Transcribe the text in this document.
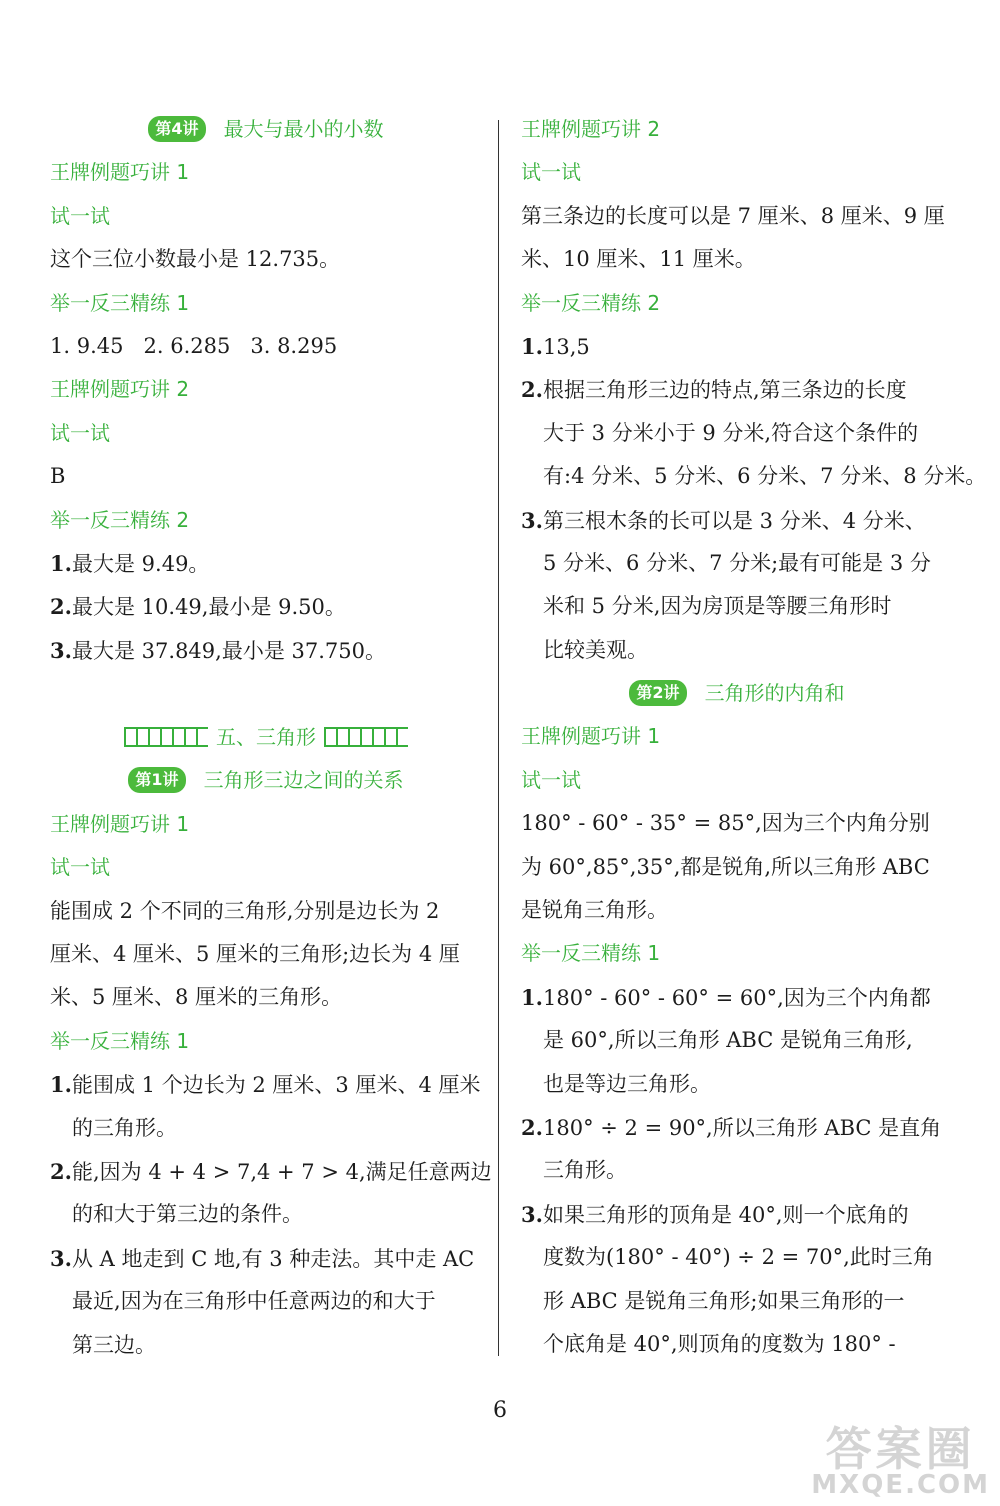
第4讲 最大与最小的小数
王牌例题巧讲 1
试一试
这个三位小数最小是 12.735。
举一反三精练 1
1. 9.45   2. 6.285   3. 8.295
王牌例题巧讲 2
试一试
B
举一反三精练 2
1.最大是 9.49。
2.最大是 10.49,最小是 9.50。
3.最大是 37.849,最小是 37.750。
五、三角形
第1讲 三角形三边之间的关系
王牌例题巧讲 1
试一试
能围成 2 个不同的三角形,分别是边长为 2
厘米、4 厘米、5 厘米的三角形;边长为 4 厘
米、5 厘米、8 厘米的三角形。
举一反三精练 1
1.能围成 1 个边长为 2 厘米、3 厘米、4 厘米
的三角形。
2.能,因为 4 + 4 > 7,4 + 7 > 4,满足任意两边
的和大于第三边的条件。
3.从 A 地走到 C 地,有 3 种走法。其中走 AC
最近,因为在三角形中任意两边的和大于
第三边。
王牌例题巧讲 2
试一试
第三条边的长度可以是 7 厘米、8 厘米、9 厘
米、10 厘米、11 厘米。
举一反三精练 2
1.13,5
2.根据三角形三边的特点,第三条边的长度
大于 3 分米小于 9 分米,符合这个条件的
有:4 分米、5 分米、6 分米、7 分米、8 分米。
3.第三根木条的长可以是 3 分米、4 分米、
5 分米、6 分米、7 分米;最有可能是 3 分
米和 5 分米,因为房顶是等腰三角形时
比较美观。
第2讲 三角形的内角和
王牌例题巧讲 1
试一试
180° - 60° - 35° = 85°,因为三个内角分别
为 60°,85°,35°,都是锐角,所以三角形 ABC
是锐角三角形。
举一反三精练 1
1.180° - 60° - 60° = 60°,因为三个内角都
是 60°,所以三角形 ABC 是锐角三角形,
也是等边三角形。
2.180° ÷ 2 = 90°,所以三角形 ABC 是直角
三角形。
3.如果三角形的顶角是 40°,则一个底角的
度数为(180° - 40°) ÷ 2 = 70°,此时三角
形 ABC 是锐角三角形;如果三角形的一
个底角是 40°,则顶角的度数为 180° -
6
答案圈
MXQE.COM
